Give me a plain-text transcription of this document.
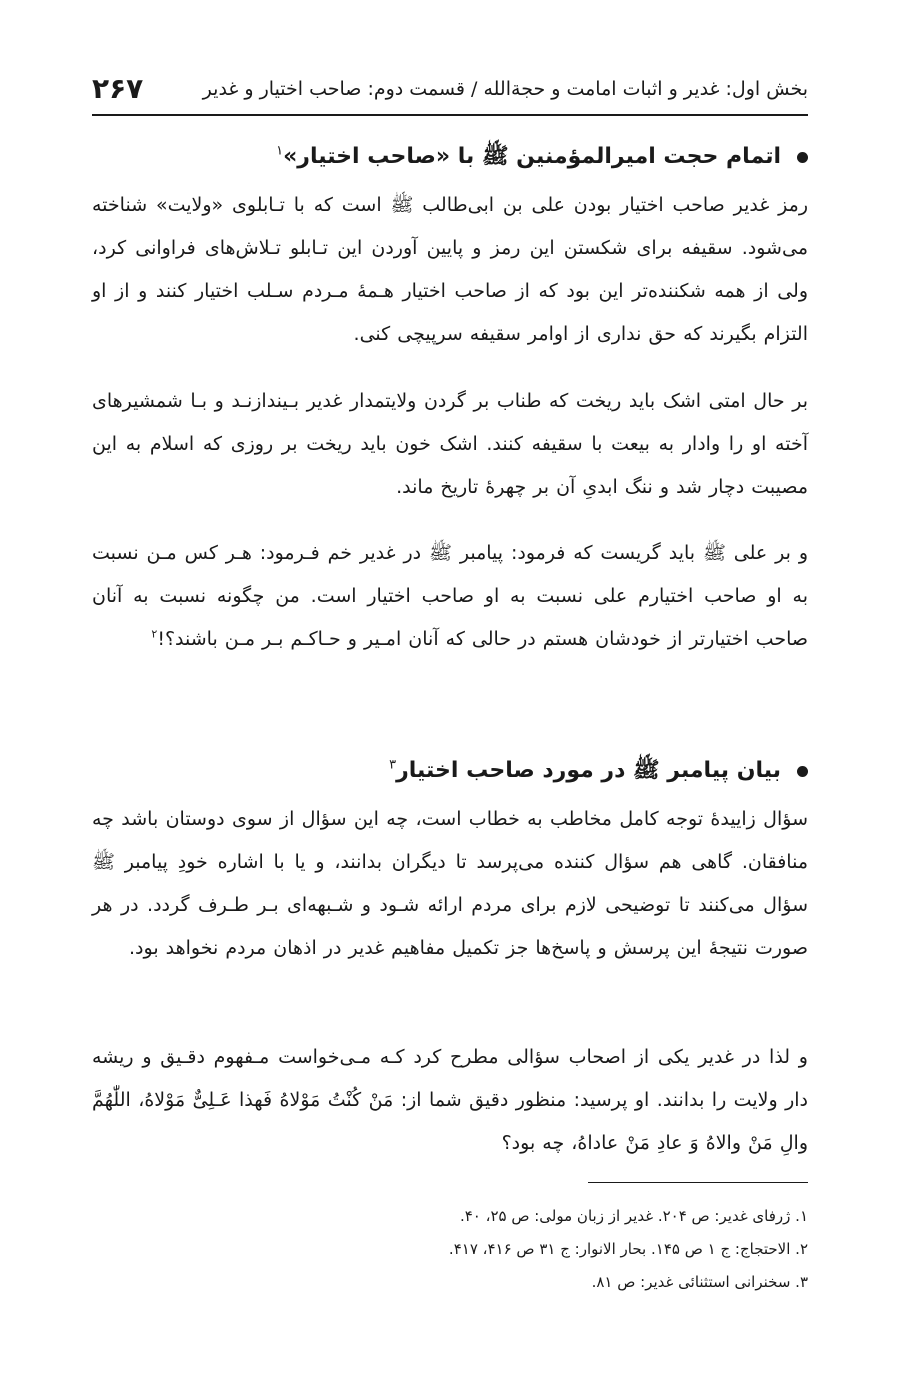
بخش اول: غدیر و اثبات امامت و حجةالله / قسمت دوم: صاحب اختیار و غدیر
۲۶۷
اتمام حجت امیرالمؤمنین ﷺ با «صاحب اختیار»$^۱$

رمز غدیر صاحب اختیار بودن علی بن ابی‌طالب ﷺ است که با تـابلوی «ولایت» شناخته می‌شود. سقیفه برای شکستن این رمز و پایین آوردن این تـابلو تـلاش‌های فراوانی کرد، ولی از همه شکننده‌تر این بود که از صاحب اختیار هـمهٔ مـردم سـلب اختیار کنند و از او التزام بگیرند که حق نداری از اوامر سقیفه سرپیچی کنی.

بر حال امتی اشک باید ریخت که طناب بر گردن ولایتمدار غدیر بـیندازنـد و بـا شمشیرهای آخته او را وادار به بیعت با سقیفه کنند. اشک خون باید ریخت بر روزی که اسلام به این مصیبت دچار شد و ننگ ابدیِ آن بر چهرهٔ تاریخ ماند.

و بر علی ﷺ باید گریست که فرمود: پیامبر ﷺ در غدیر خم فـرمود: هـر کس مـن نسبت به او صاحب اختیارم علی نسبت به او صاحب اختیار است. من چگونه نسبت به آنان صاحب اختیارتر از خودشان هستم در حالی که آنان امـیر و حـاکـم بـر مـن باشند؟!$^۲$

بیان پیامبر ﷺ در مورد صاحب اختیار$^۳$

سؤال زاییدهٔ توجه کامل مخاطب به خطاب است، چه این سؤال از سوی دوستان باشد چه منافقان. گاهی هم سؤال کننده می‌پرسد تا دیگران بدانند، و یا با اشاره خودِ پیامبر ﷺ سؤال می‌کنند تا توضیحی لازم برای مردم ارائه شـود و شـبهه‌ای بـر طـرف گردد. در هر صورت نتیجهٔ این پرسش و پاسخ‌ها جز تکمیل مفاهیم غدیر در اذهان مردم نخواهد بود.

و لذا در غدیر یکی از اصحاب سؤالی مطرح کرد کـه مـی‌خواست مـفهوم دقـیق و ریشه دار ولایت را بدانند. او پرسید: منظور دقیق شما از: مَنْ کُنْتُ مَوْلاهُ فَهذا عَـلِیٌّ مَوْلاهُ، اللّٰهُمَّ والِ مَنْ والاهُ وَ عادِ مَنْ عاداهُ، چه بود؟

۱. ژرفای غدیر: ص ۲۰۴. غدیر از زبان مولی: ص ۲۵، ۴۰.
۲. الاحتجاج: ج ۱ ص ۱۴۵. بحار الانوار: ج ۳۱ ص ۴۱۶، ۴۱۷.
۳. سخنرانی استثنائی غدیر: ص ۸۱.
